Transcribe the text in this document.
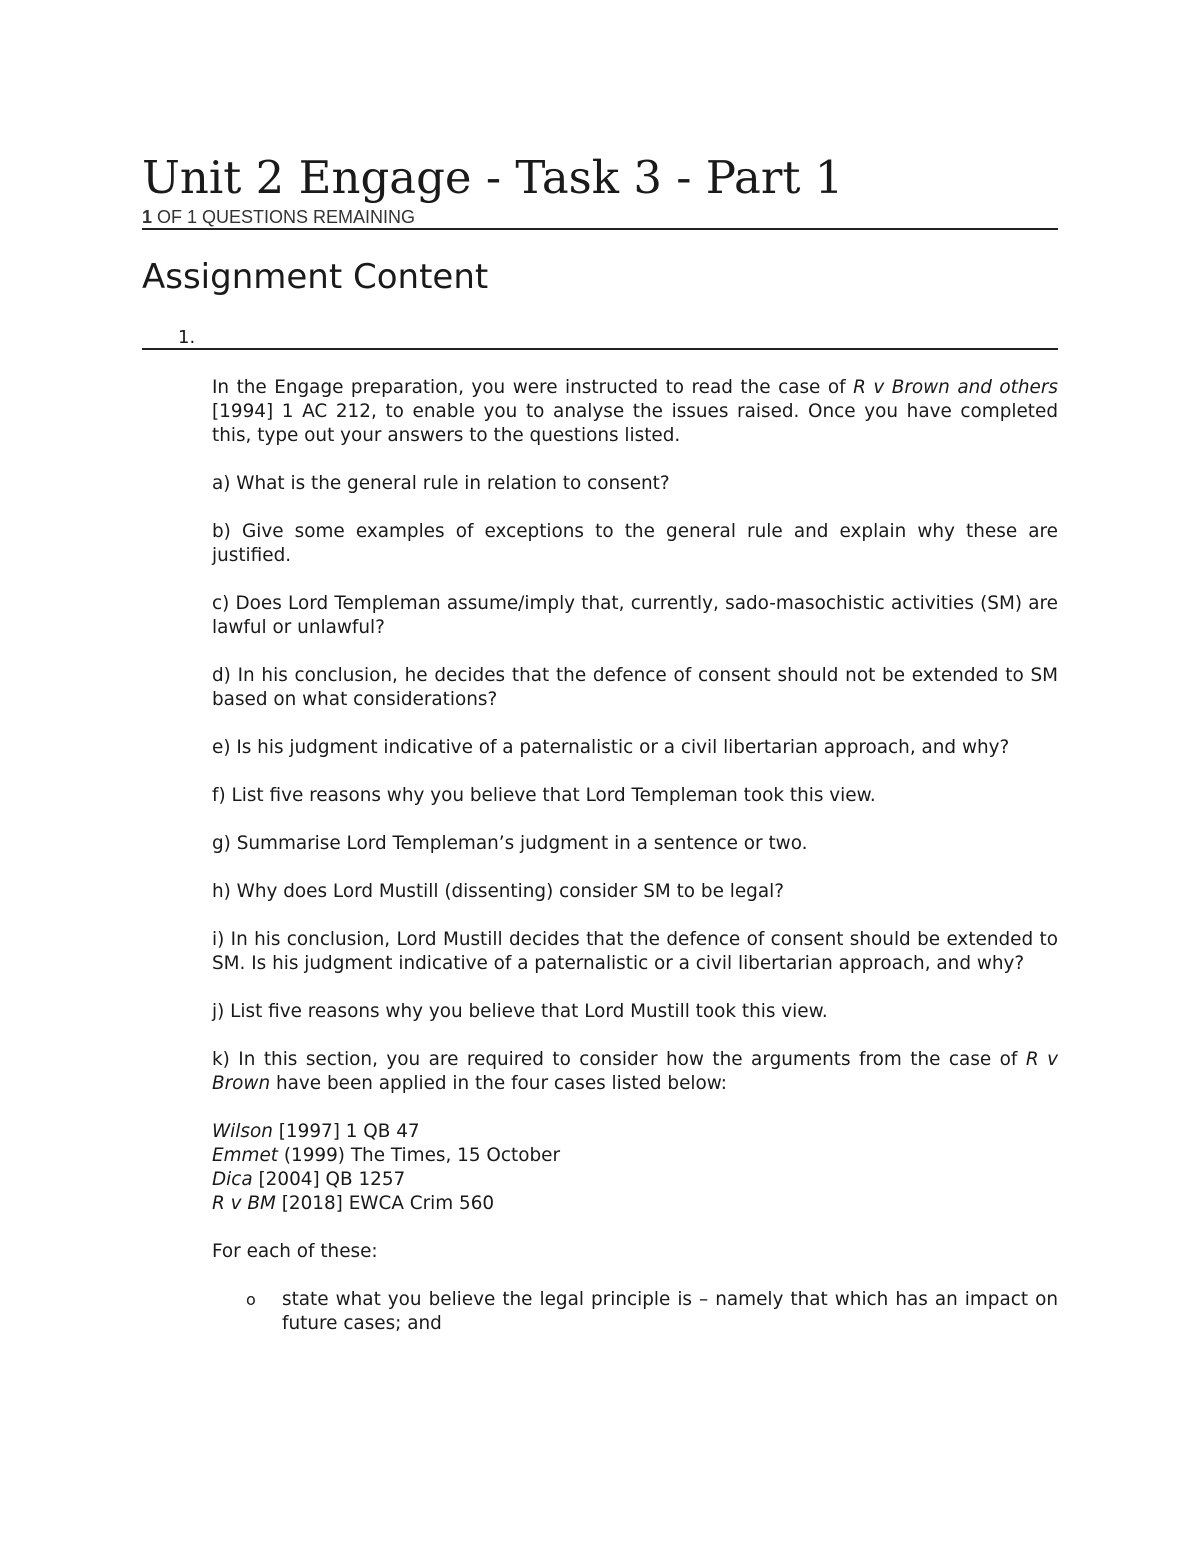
Unit 2 Engage - Task 3 - Part 1
1 OF 1 QUESTIONS REMAINING
Assignment Content
1.

In the Engage preparation, you were instructed to read the case of R v Brown and others [1994] 1 AC 212, to enable you to analyse the issues raised. Once you have completed this, type out your answers to the questions listed.

a) What is the general rule in relation to consent?

b) Give some examples of exceptions to the general rule and explain why these are justified.

c) Does Lord Templeman assume/imply that, currently, sado-masochistic activities (SM) are lawful or unlawful?

d) In his conclusion, he decides that the defence of consent should not be extended to SM based on what considerations?

e) Is his judgment indicative of a paternalistic or a civil libertarian approach, and why?

f) List five reasons why you believe that Lord Templeman took this view.

g) Summarise Lord Templeman’s judgment in a sentence or two.

h) Why does Lord Mustill (dissenting) consider SM to be legal?

i) In his conclusion, Lord Mustill decides that the defence of consent should be extended to SM. Is his judgment indicative of a paternalistic or a civil libertarian approach, and why?

j) List five reasons why you believe that Lord Mustill took this view.

k) In this section, you are required to consider how the arguments from the case of R v Brown have been applied in the four cases listed below:

Wilson [1997] 1 QB 47
Emmet (1999) The Times, 15 October
Dica [2004] QB 1257
R v BM [2018] EWCA Crim 560

For each of these:

o state what you believe the legal principle is – namely that which has an impact on future cases; and
